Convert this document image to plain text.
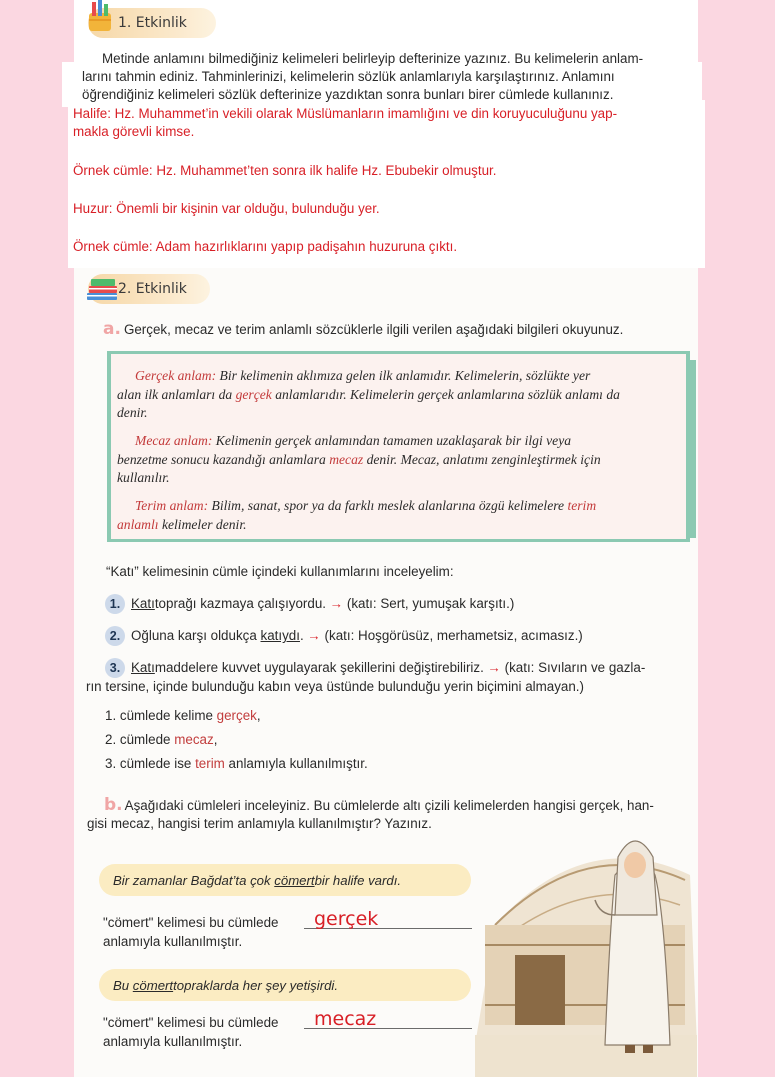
1. Etkinlik
Metinde anlamını bilmediğiniz kelimeleri belirleyip defterinize yazınız. Bu kelimelerin anlam-
larını tahmin ediniz. Tahminlerinizi, kelimelerin sözlük anlamlarıyla karşılaştırınız. Anlamını
öğrendiğiniz kelimeleri sözlük defterinize yazdıktan sonra bunları birer cümlede kullanınız.
Halife: Hz. Muhammet’in vekili olarak Müslümanların imamlığını ve din koruyuculuğunu yap-
makla görevli kimse.
Örnek cümle: Hz. Muhammet’ten sonra ilk halife Hz. Ebubekir olmuştur.
Huzur: Önemli bir kişinin var olduğu, bulunduğu yer.
Örnek cümle: Adam hazırlıklarını yapıp padişahın huzuruna çıktı.
2. Etkinlik
a. Gerçek, mecaz ve terim anlamlı sözcüklerle ilgili verilen aşağıdaki bilgileri okuyunuz.
Gerçek anlam: Bir kelimenin aklımıza gelen ilk anlamıdır. Kelimelerin, sözlükte yer
alan ilk anlamları da gerçek anlamlarıdır. Kelimelerin gerçek anlamlarına sözlük anlamı da
denir.
Mecaz anlam: Kelimenin gerçek anlamından tamamen uzaklaşarak bir ilgi veya
benzetme sonucu kazandığı anlamlara mecaz denir. Mecaz, anlatımı zenginleştirmek için
kullanılır.
Terim anlam: Bilim, sanat, spor ya da farklı meslek alanlarına özgü kelimelere terim
anlamlı kelimeler denir.
“Katı” kelimesinin cümle içindeki kullanımlarını inceleyelim:
1. Katı toprağı kazmaya çalışıyordu. → (katı: Sert, yumuşak karşıtı.)
2. Oğluna karşı oldukça katıydı . → (katı: Hoşgörüsüz, merhametsiz, acımasız.)
3. Katı maddelere kuvvet uygulayarak şekillerini değiştirebiliriz. → (katı: Sıvıların ve gazla-
rın tersine, içinde bulunduğu kabın veya üstünde bulunduğu yerin biçimini almayan.)
1. cümlede kelime gerçek,
2. cümlede mecaz,
3. cümlede ise terim anlamıyla kullanılmıştır.
b. Aşağıdaki cümleleri inceleyiniz. Bu cümlelerde altı çizili kelimelerden hangisi gerçek, han-
gisi mecaz, hangisi terim anlamıyla kullanılmıştır? Yazınız.
Bir zamanlar Bağdat’ta çok cömert bir halife vardı.
"cömert" kelimesi bu cümlede gerçek
anlamıyla kullanılmıştır.
Bu cömert topraklarda her şey yetişirdi.
"cömert" kelimesi bu cümlede mecaz
anlamıyla kullanılmıştır.
